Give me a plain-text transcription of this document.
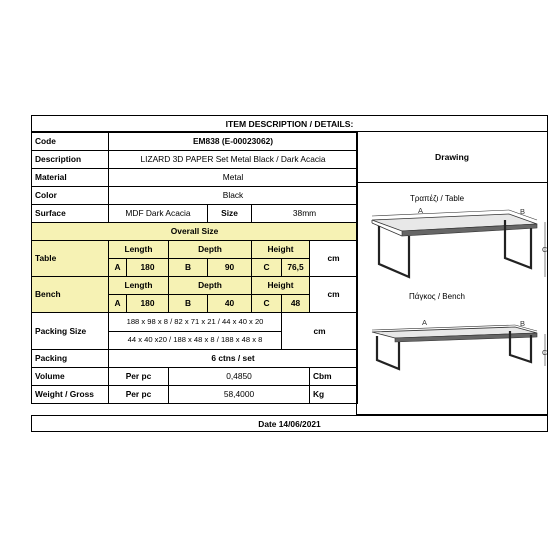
ITEM DESCRIPTION / DETAILS:
Code	EM838 (E-00023062)						
Description	LIZARD 3D PAPER Set Metal Black / Dark Acacia						
Material	Metal						
Color	Black						
Surface	MDF Dark Acacia			Size	38mm		
Overall Size							
Table	Length		Depth		Height		cm
	A	180	B	90	C	76,5	
Bench	Length		Depth		Height		cm
	A	180	B	40	C	48	
Packing Size	188 x 98 x 8 / 82 x 71 x 21 / 44 x 40 x 20					cm	
	44 x 40 x20 / 188 x 48 x 8 / 188 x 48 x 8						
Packing	6 ctns / set						
Volume	Per pc		0,4850				Cbm
Weight / Gross	Per pc		58,4000				Kg
Drawing
Τραπέζι / Table
A	B
C
Πάγκος / Bench
A	B
C
Date 14/06/2021
